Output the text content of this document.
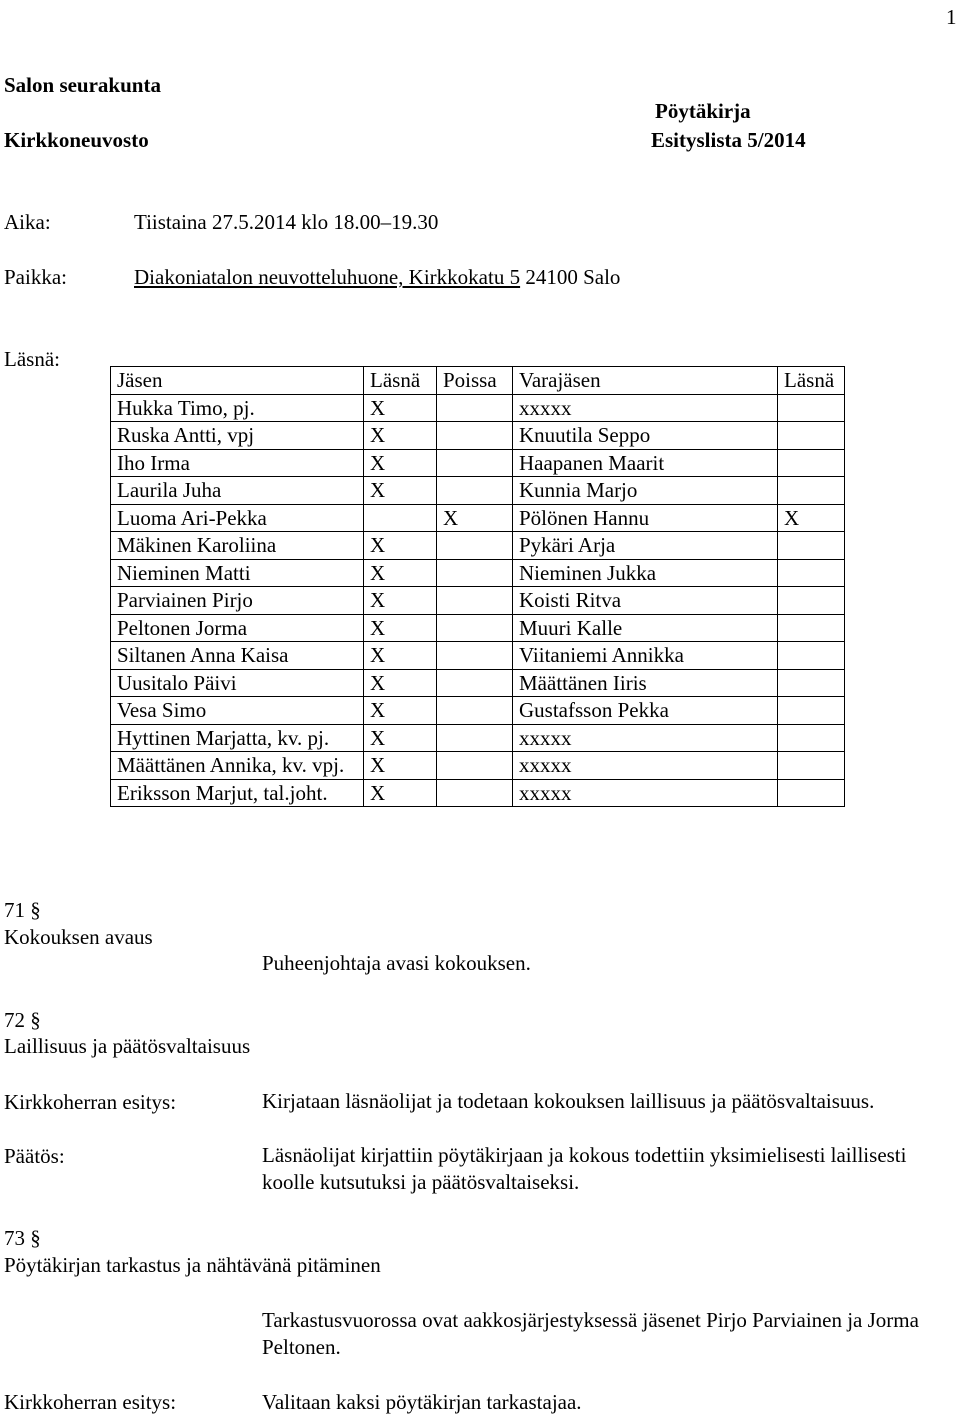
1
Salon seurakunta
Pöytäkirja
Kirkkoneuvosto	Esityslista 5/2014
Aika:	Tiistaina 27.5.2014 klo 18.00–19.30
Paikka:	Diakoniatalon neuvotteluhuone, Kirkkokatu 5 24100 Salo
Läsnä:
Jäsen	Läsnä	Poissa	Varajäsen	Läsnä
Hukka Timo, pj.	X		xxxxx	
Ruska Antti, vpj	X		Knuutila Seppo	
Iho Irma	X		Haapanen Maarit	
Laurila Juha	X		Kunnia Marjo	
Luoma Ari-Pekka		X	Pölönen Hannu	X
Mäkinen Karoliina	X		Pykäri Arja	
Nieminen Matti	X		Nieminen Jukka	
Parviainen Pirjo	X		Koisti Ritva	
Peltonen Jorma	X		Muuri Kalle	
Siltanen Anna Kaisa	X		Viitaniemi Annikka	
Uusitalo Päivi	X		Määttänen Iiris	
Vesa Simo	X		Gustafsson Pekka	
Hyttinen Marjatta, kv. pj.	X		xxxxx	
Määttänen Annika, kv. vpj.	X		xxxxx	
Eriksson Marjut, tal.joht.	X		xxxxx	
71 §
Kokouksen avaus
Puheenjohtaja avasi kokouksen.
72 §
Laillisuus ja päätösvaltaisuus
Kirkkoherran esitys:	Kirjataan läsnäolijat ja todetaan kokouksen laillisuus ja päätösvaltaisuus.
Päätös:	Läsnäolijat kirjattiin pöytäkirjaan ja kokous todettiin yksimielisesti laillisesti koolle kutsutuksi ja päätösvaltaiseksi.
73 §
Pöytäkirjan tarkastus ja nähtävänä pitäminen
Tarkastusvuorossa ovat aakkosjärjestyksessä jäsenet Pirjo Parviainen ja Jorma Peltonen.
Kirkkoherran esitys:	Valitaan kaksi pöytäkirjan tarkastajaa.
